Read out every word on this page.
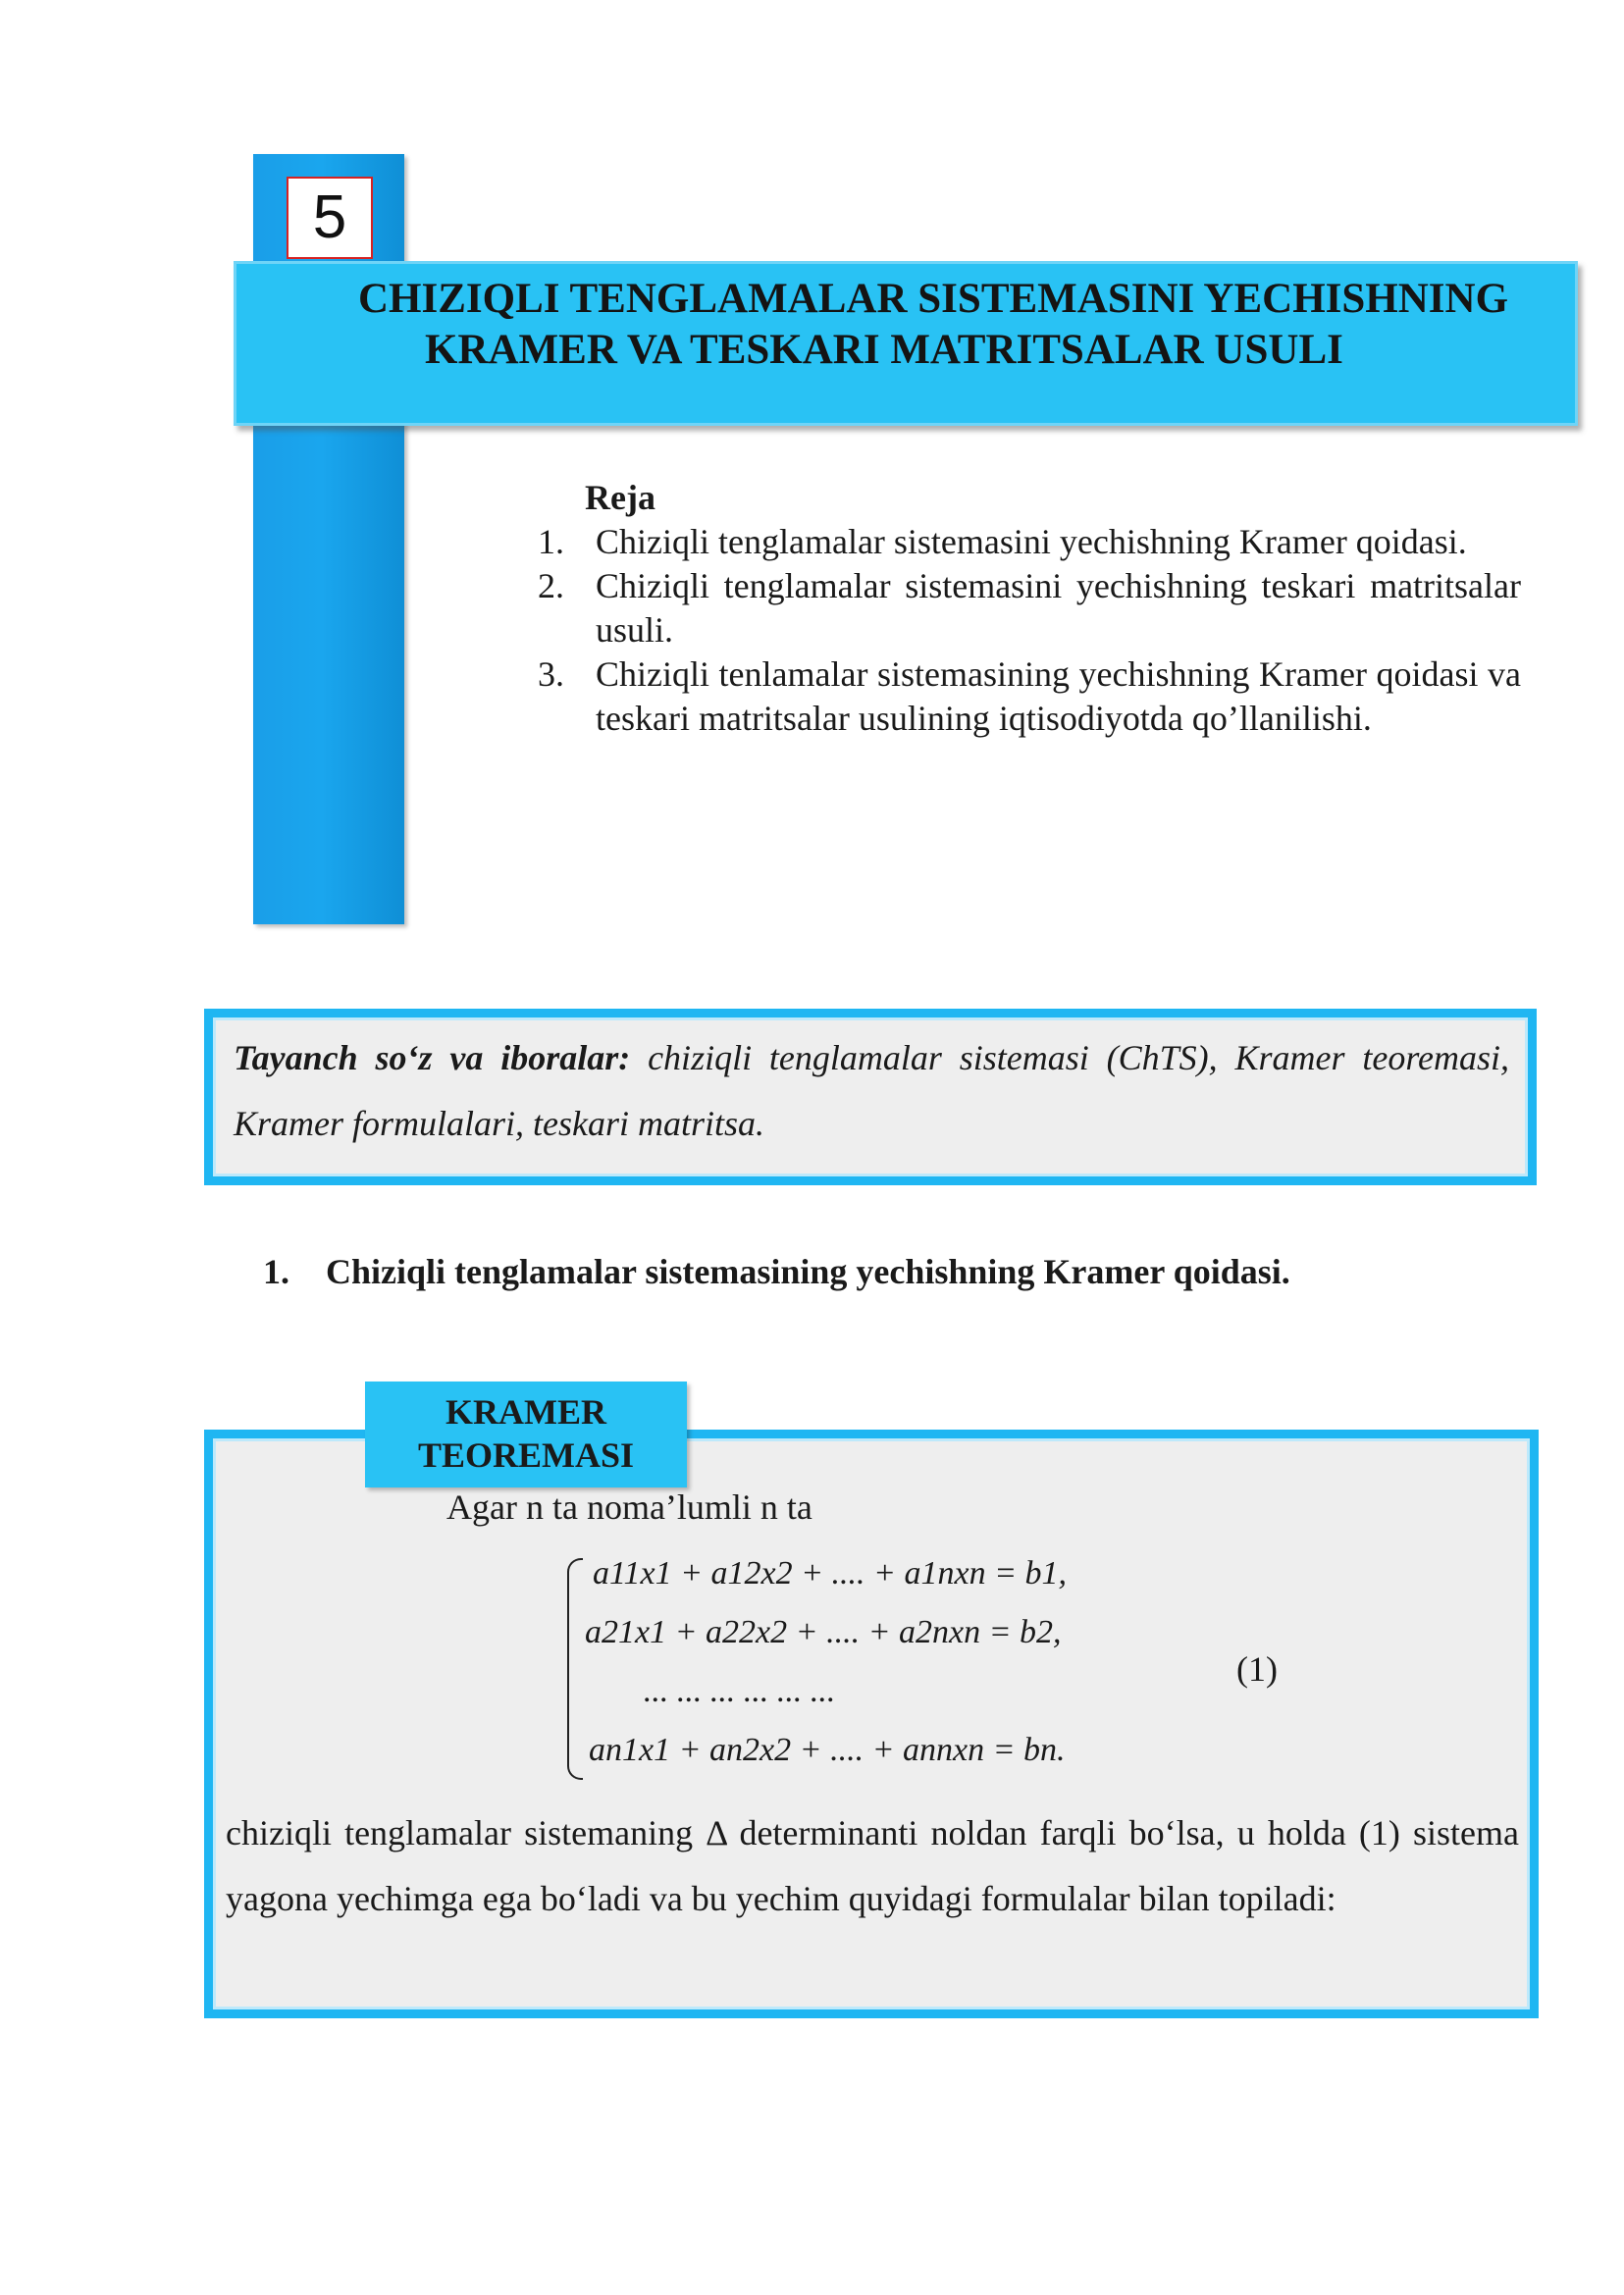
5
CHIZIQLI TENGLAMALAR SISTEMASINI YECHISHNING
KRAMER VA TESKARI MATRITSALAR USULI
Reja
1. Chiziqli tenglamalar sistemasini yechishning Kramer qoidasi.
2. Chiziqli tenglamalar sistemasini yechishning teskari matritsalar usuli.
3. Chiziqli tenlamalar sistemasining yechishning Kramer qoidasi va teskari matritsalar usulining iqtisodiyotda qo’llanilishi.
Tayanch so‘z va iboralar: chiziqli tenglamalar sistemasi (ChTS), Kramer teoremasi, Kramer formulalari, teskari matritsa.
1. Chiziqli tenglamalar sistemasining yechishning Kramer qoidasi.
KRAMER
TEOREMASI
Agar n ta noma’lumli n ta
a11x1 + a12x2 + .... + a1nxn = b1,
a21x1 + a22x2 + .... + a2nxn = b2,
... ... ... ... ... ...
an1x1 + an2x2 + .... + annxn = bn.
(1)
chiziqli tenglamalar sistemaning Δ determinanti noldan farqli bo‘lsa, u holda (1) sistema yagona yechimga ega bo‘ladi va bu yechim quyidagi formulalar bilan topiladi:
